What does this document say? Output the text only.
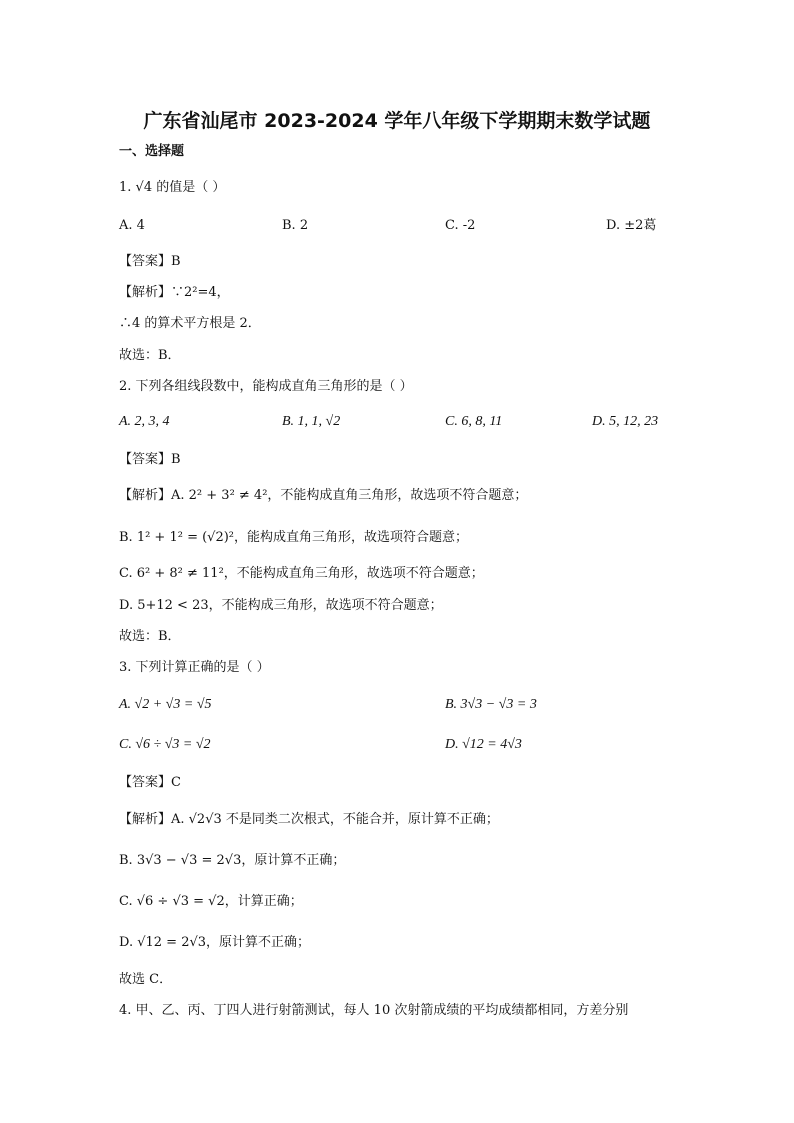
广东省汕尾市 2023-2024 学年八年级下学期期末数学试题
一、选择题
1. √4 的值是（ ）
A. 4	B. 2	C. -2	D. ±2葛
【答案】B
【解析】∵2²=4，
∴4 的算术平方根是 2．
故选：B．
2. 下列各组线段数中，能构成直角三角形的是（ ）
A. 2, 3, 4	B. 1, 1, √2	C. 6, 8, 11	D. 5, 12, 23
【答案】B
【解析】A. 2² + 3² ≠ 4²，不能构成直角三角形，故选项不符合题意；
B. 1² + 1² = (√2)²，能构成直角三角形，故选项符合题意；
C. 6² + 8² ≠ 11²，不能构成直角三角形，故选项不符合题意；
D. 5+12 < 23，不能构成三角形，故选项不符合题意；
故选：B．
3. 下列计算正确的是（ ）
A. √2 + √3 = √5	B. 3√3 − √3 = 3
C. √6 ÷ √3 = √2	D. √12 = 4√3
【答案】C
【解析】A. √2√3 不是同类二次根式，不能合并，原计算不正确；
B. 3√3 − √3 = 2√3，原计算不正确；
C. √6 ÷ √3 = √2，计算正确；
D. √12 = 2√3，原计算不正确；
故选 C．
4. 甲、乙、丙、丁四人进行射箭测试，每人 10 次射箭成绩的平均成绩都相同，方差分别
